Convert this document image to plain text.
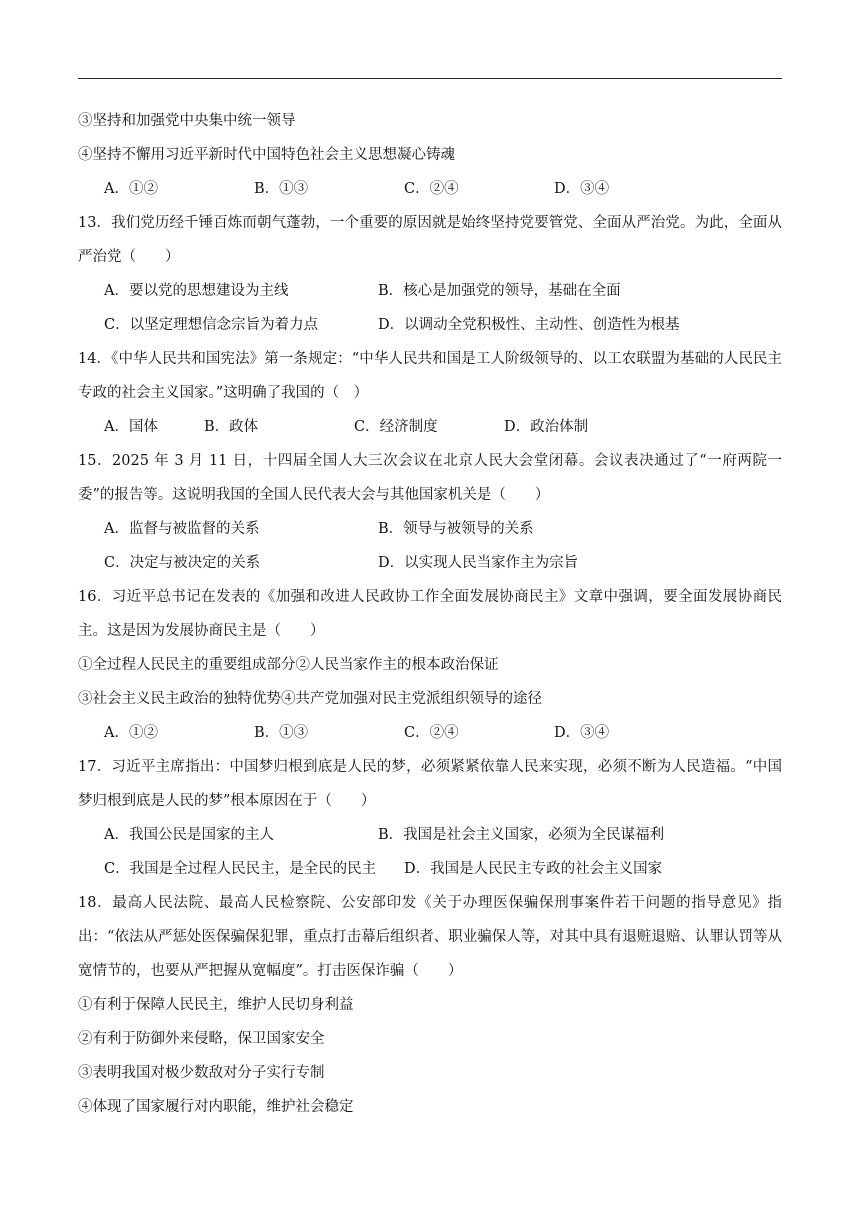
③坚持和加强党中央集中统一领导
④坚持不懈用习近平新时代中国特色社会主义思想凝心铸魂
A．①②	B．①③	C．②④	D．③④
13．我们党历经千锤百炼而朝气蓬勃，一个重要的原因就是始终坚持党要管党、全面从严治党。为此，全面从严治党（　　）
A．要以党的思想建设为主线	B．核心是加强党的领导，基础在全面
C．以坚定理想信念宗旨为着力点	D．以调动全党积极性、主动性、创造性为根基
14．《中华人民共和国宪法》第一条规定：“中华人民共和国是工人阶级领导的、以工农联盟为基础的人民民主专政的社会主义国家。”这明确了我国的（　）
A．国体	B．政体	C．经济制度	D．政治体制
15．2025 年 3 月 11 日，十四届全国人大三次会议在北京人民大会堂闭幕。会议表决通过了“一府两院一委”的报告等。这说明我国的全国人民代表大会与其他国家机关是（　　）
A．监督与被监督的关系	B．领导与被领导的关系
C．决定与被决定的关系	D．以实现人民当家作主为宗旨
16．习近平总书记在发表的《加强和改进人民政协工作全面发展协商民主》文章中强调，要全面发展协商民主。这是因为发展协商民主是（　　）
①全过程人民民主的重要组成部分②人民当家作主的根本政治保证
③社会主义民主政治的独特优势④共产党加强对民主党派组织领导的途径
A．①②	B．①③	C．②④	D．③④
17．习近平主席指出：中国梦归根到底是人民的梦，必须紧紧依靠人民来实现，必须不断为人民造福。“中国梦归根到底是人民的梦”根本原因在于（　　）
A．我国公民是国家的主人	B．我国是社会主义国家，必须为全民谋福利
C．我国是全过程人民民主，是全民的民主	D．我国是人民民主专政的社会主义国家
18．最高人民法院、最高人民检察院、公安部印发《关于办理医保骗保刑事案件若干问题的指导意见》指出：“依法从严惩处医保骗保犯罪，重点打击幕后组织者、职业骗保人等，对其中具有退赃退赔、认罪认罚等从宽情节的，也要从严把握从宽幅度”。打击医保诈骗（　　）
①有利于保障人民民主，维护人民切身利益
②有利于防御外来侵略，保卫国家安全
③表明我国对极少数敌对分子实行专制
④体现了国家履行对内职能，维护社会稳定
